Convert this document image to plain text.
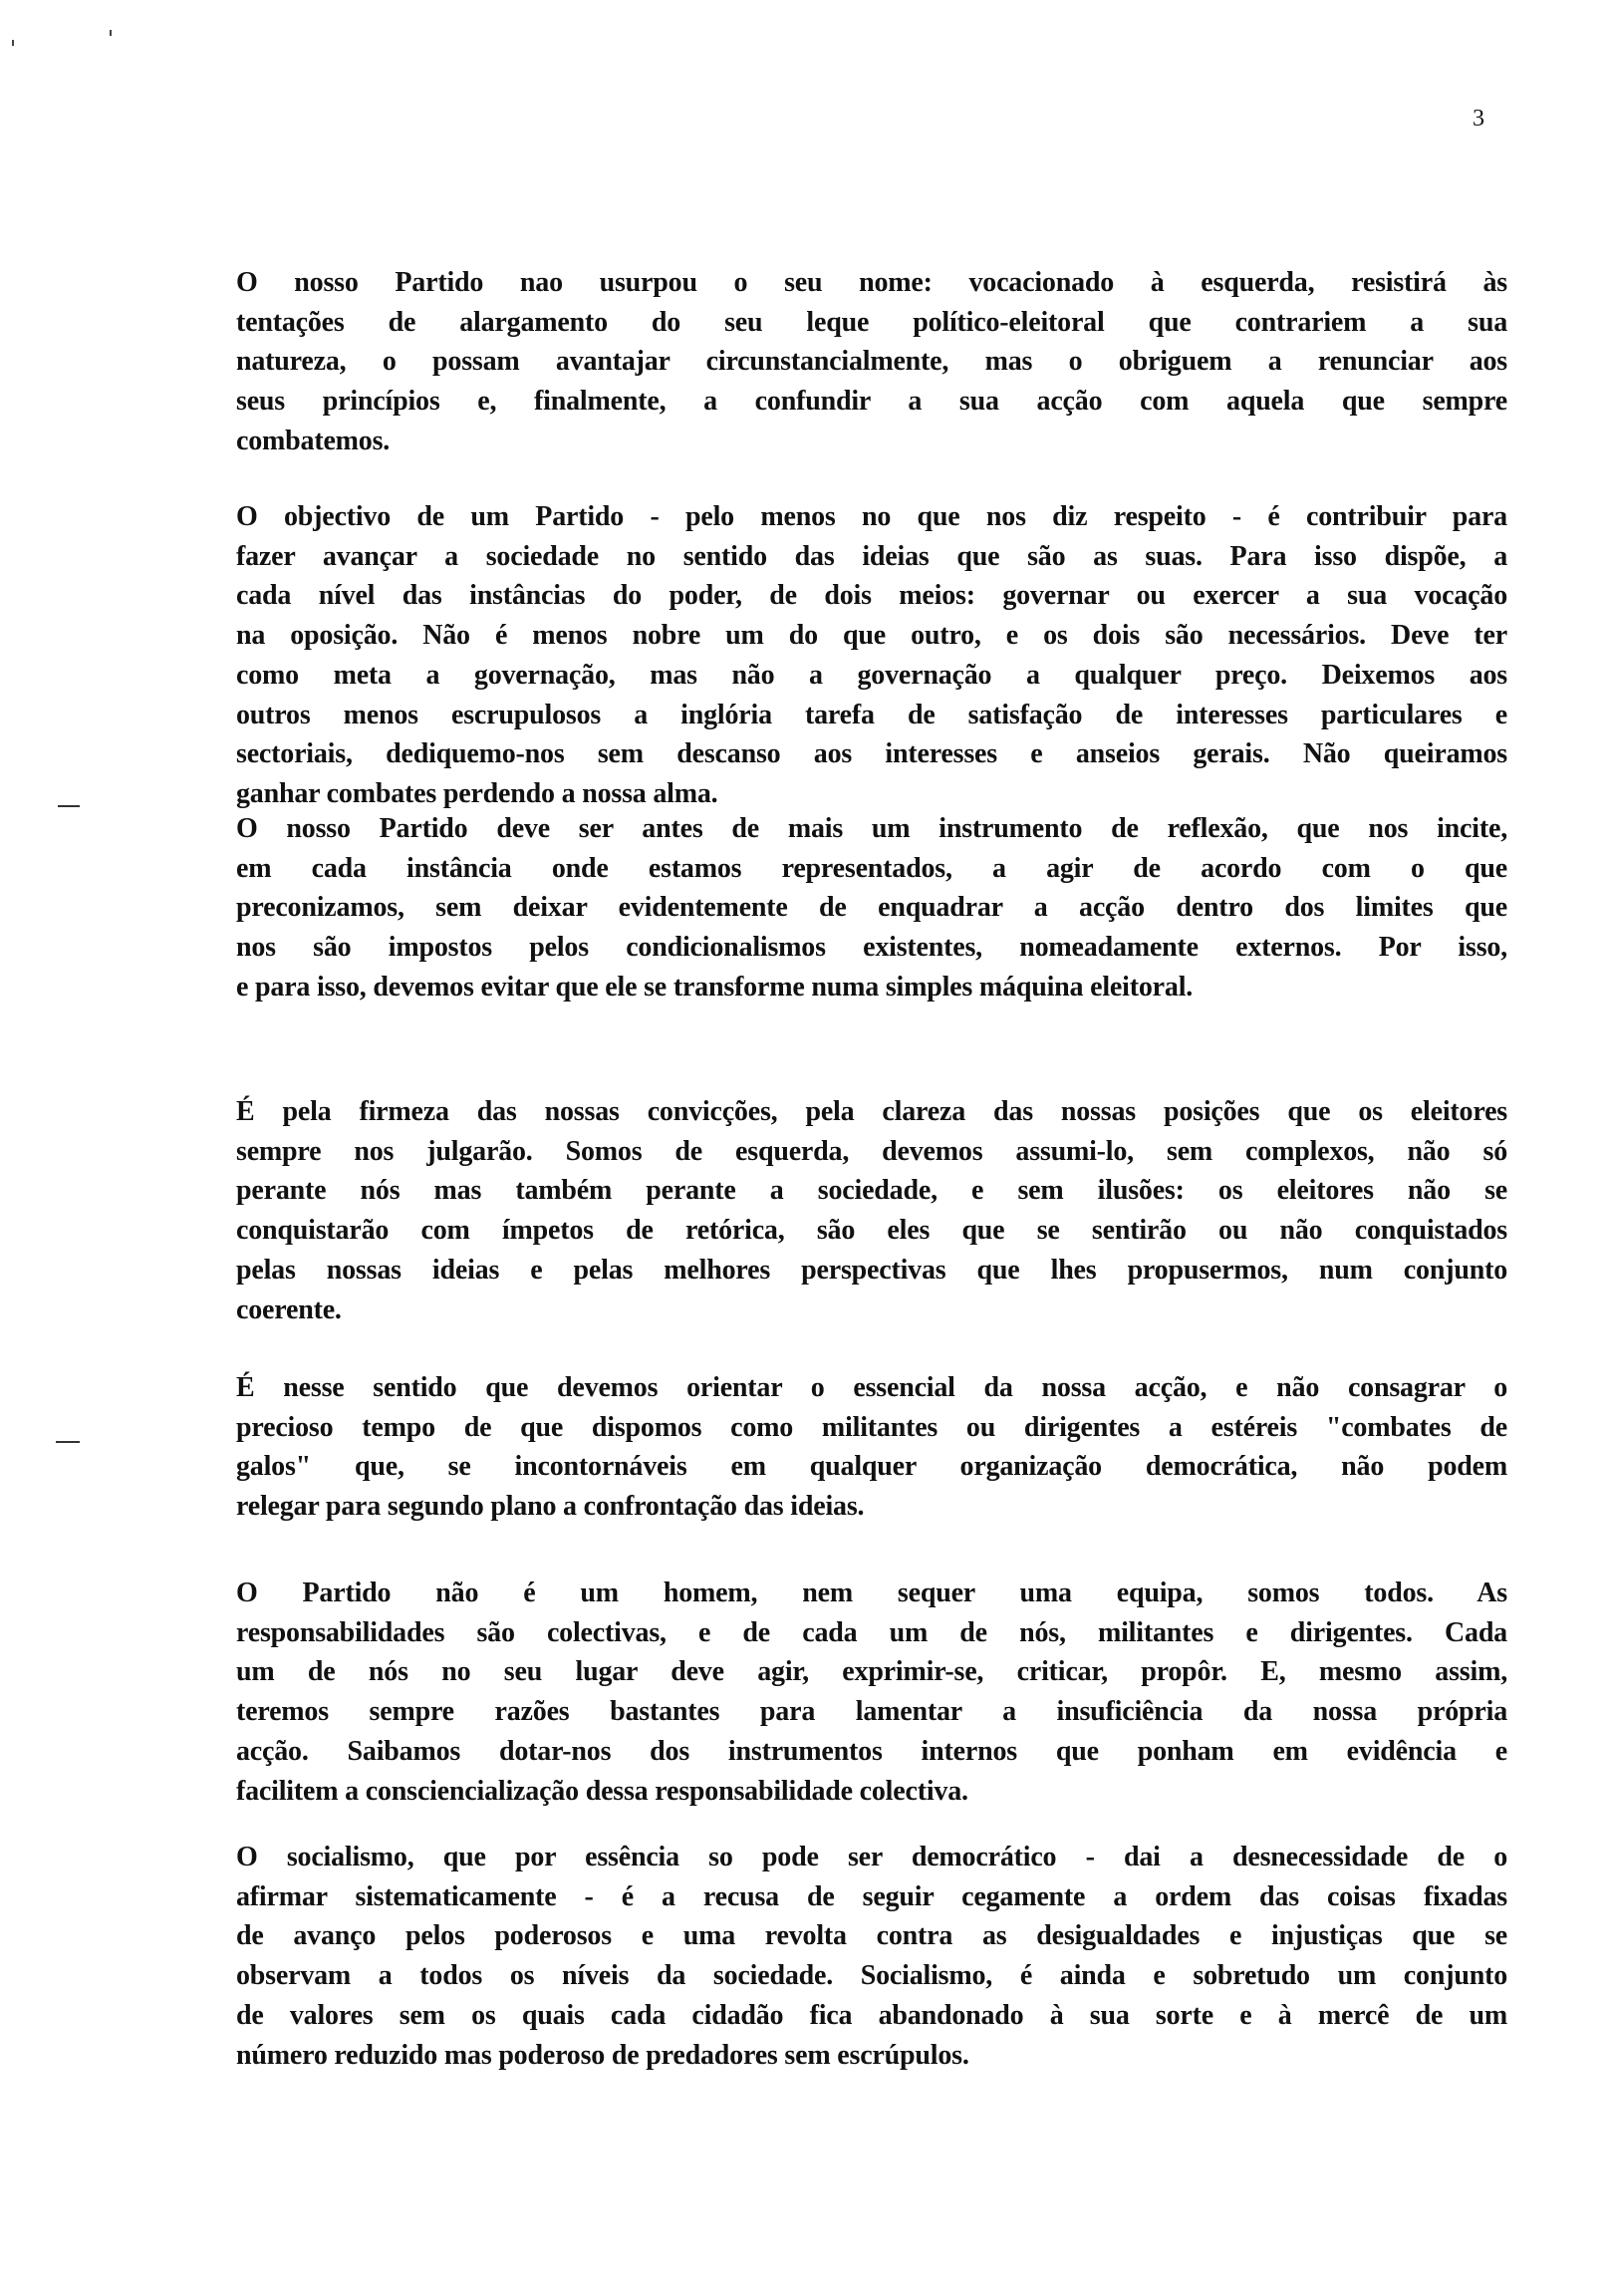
3
O nosso Partido nao usurpou o seu nome: vocacionado à esquerda, resistirá às
tentações de alargamento do seu leque político-eleitoral que contrariem a sua
natureza, o possam avantajar circunstancialmente, mas o obriguem a renunciar aos
seus princípios e, finalmente, a confundir a sua acção com aquela que sempre
combatemos.
O objectivo de um Partido - pelo menos no que nos diz respeito - é contribuir para
fazer avançar a sociedade no sentido das ideias que são as suas. Para isso dispõe, a
cada nível das instâncias do poder, de dois meios: governar ou exercer a sua vocação
na oposição. Não é menos nobre um do que outro, e os dois são necessários. Deve ter
como meta a governação, mas não a governação a qualquer preço. Deixemos aos
outros menos escrupulosos a inglória tarefa de satisfação de interesses particulares e
sectoriais, dediquemo-nos sem descanso aos interesses e anseios gerais. Não queiramos
ganhar combates perdendo a nossa alma.
O nosso Partido deve ser antes de mais um instrumento de reflexão, que nos incite,
em cada instância onde estamos representados, a agir de acordo com o que
preconizamos, sem deixar evidentemente de enquadrar a acção dentro dos limites que
nos são impostos pelos condicionalismos existentes, nomeadamente externos. Por isso,
e para isso, devemos evitar que ele se transforme numa simples máquina eleitoral.
É pela firmeza das nossas convicções, pela clareza das nossas posições que os eleitores
sempre nos julgarão. Somos de esquerda, devemos assumi-lo, sem complexos, não só
perante nós mas também perante a sociedade, e sem ilusões: os eleitores não se
conquistarão com ímpetos de retórica, são eles que se sentirão ou não conquistados
pelas nossas ideias e pelas melhores perspectivas que lhes propusermos, num conjunto
coerente.
É nesse sentido que devemos orientar o essencial da nossa acção, e não consagrar o
precioso tempo de que dispomos como militantes ou dirigentes a estéreis "combates de
galos" que, se incontornáveis em qualquer organização democrática, não podem
relegar para segundo plano a confrontação das ideias.
O Partido não é um homem, nem sequer uma equipa, somos todos. As
responsabilidades são colectivas, e de cada um de nós, militantes e dirigentes. Cada
um de nós no seu lugar deve agir, exprimir-se, criticar, propôr. E, mesmo assim,
teremos sempre razões bastantes para lamentar a insuficiência da nossa própria
acção. Saibamos dotar-nos dos instrumentos internos que ponham em evidência e
facilitem a consciencialização dessa responsabilidade colectiva.
O socialismo, que por essência so pode ser democrático - dai a desnecessidade de o
afirmar sistematicamente - é a recusa de seguir cegamente a ordem das coisas fixadas
de avanço pelos poderosos e uma revolta contra as desigualdades e injustiças que se
observam a todos os níveis da sociedade. Socialismo, é ainda e sobretudo um conjunto
de valores sem os quais cada cidadão fica abandonado à sua sorte e à mercê de um
número reduzido mas poderoso de predadores sem escrúpulos.
